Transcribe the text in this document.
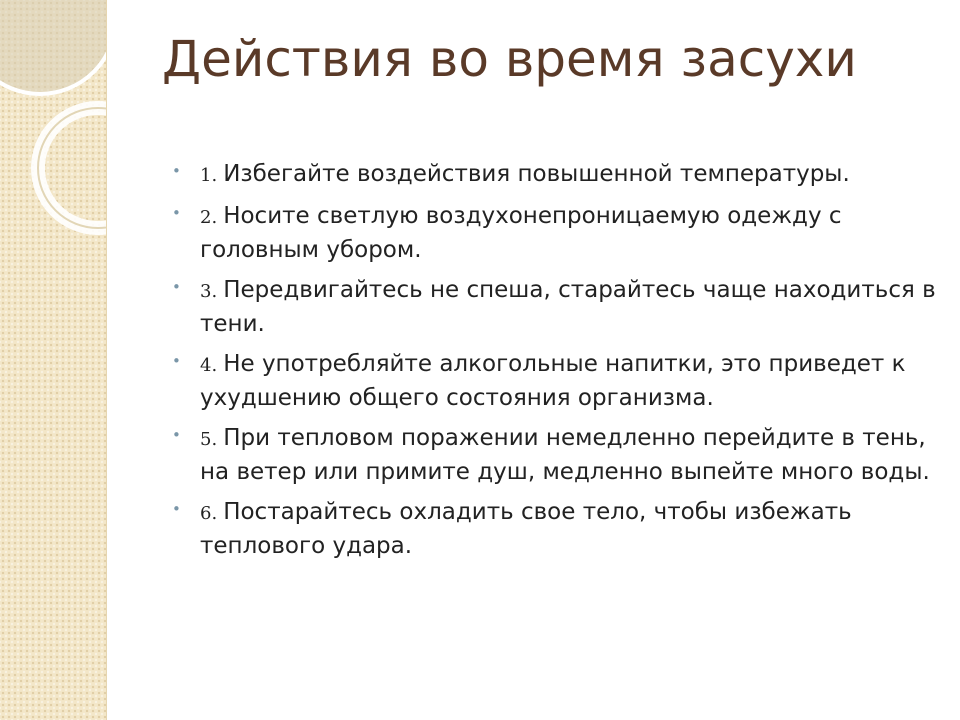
Действия во время засухи
• 1. Избегайте воздействия повышенной температуры.
• 2. Носите светлую воздухонепроницаемую одежду с головным убором.
• 3. Передвигайтесь не спеша, старайтесь чаще находиться в тени.
• 4. Не употребляйте алкогольные напитки, это приведет к ухудшению общего состояния организма.
• 5. При тепловом поражении немедленно перейдите в тень, на ветер или примите душ, медленно выпейте много воды.
• 6. Постарайтесь охладить свое тело, чтобы избежать теплового удара.
